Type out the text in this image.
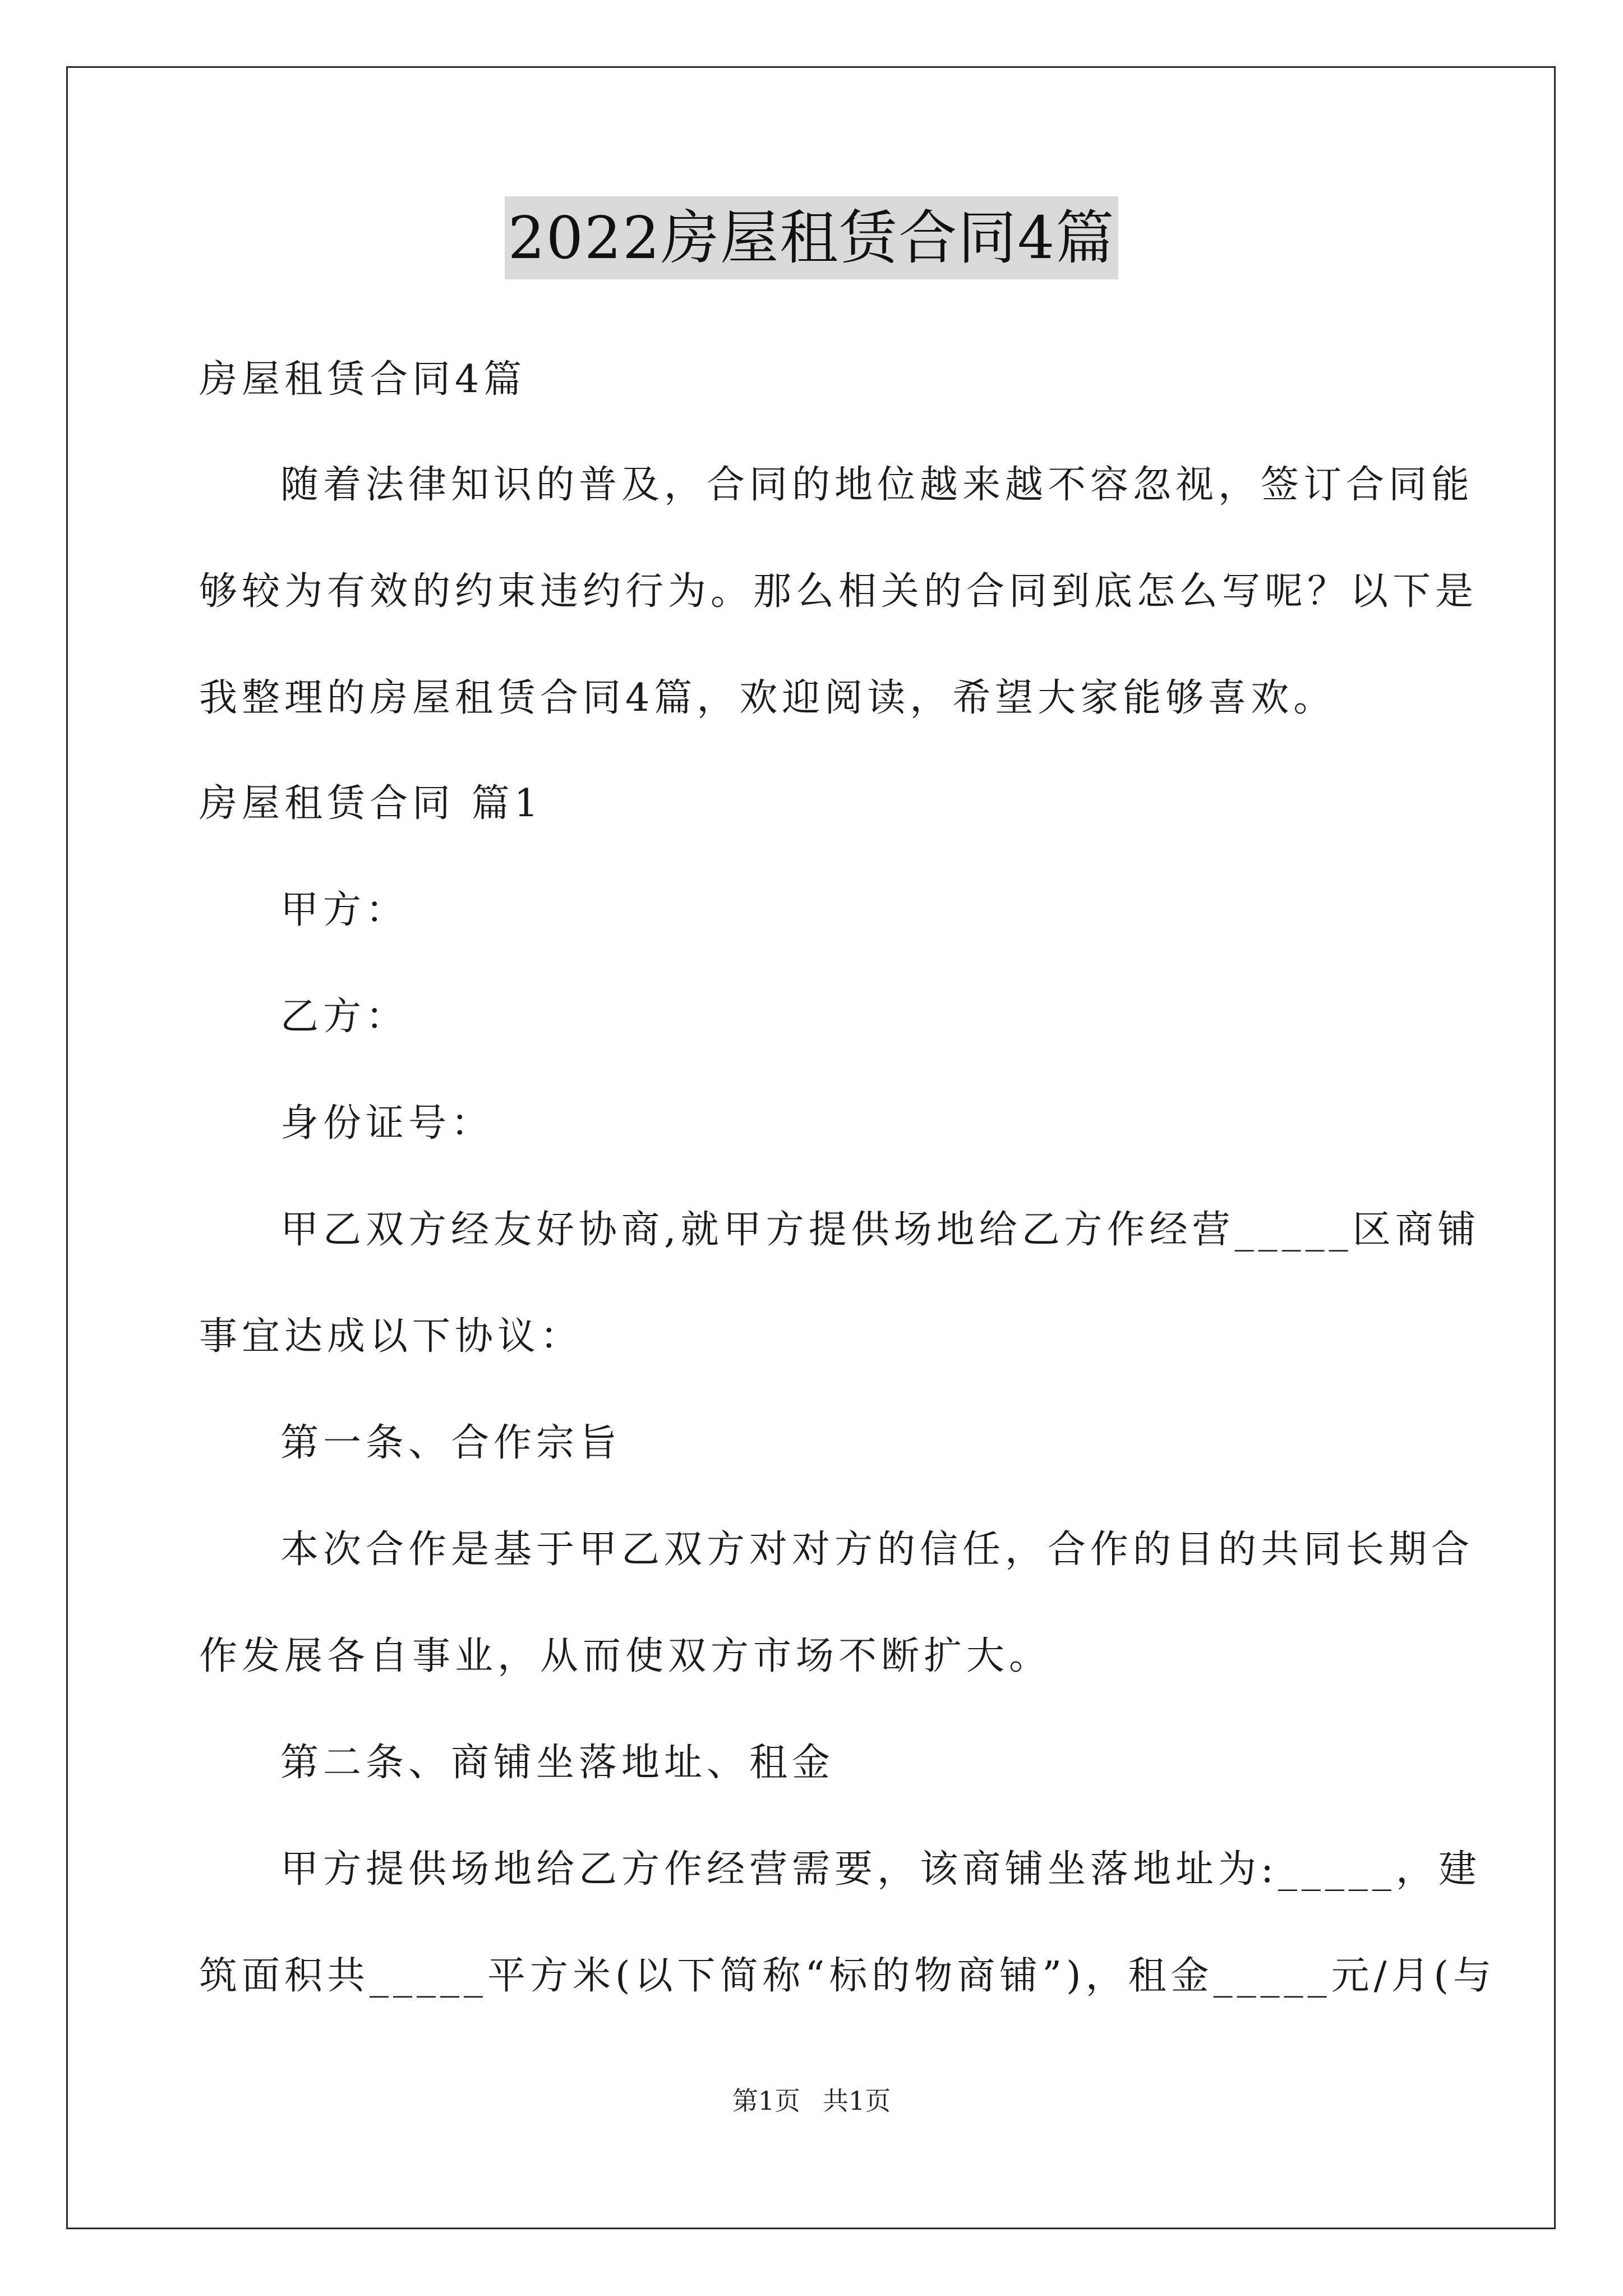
2022房屋租赁合同4篇
房屋租赁合同4篇
随着法律知识的普及，合同的地位越来越不容忽视，签订合同能
够较为有效的约束违约行为。那么相关的合同到底怎么写呢？以下是
我整理的房屋租赁合同4篇，欢迎阅读，希望大家能够喜欢。
房屋租赁合同 篇1
甲方：
乙方：
身份证号：
甲乙双方经友好协商,就甲方提供场地给乙方作经营_____区商铺
事宜达成以下协议：
第一条、合作宗旨
本次合作是基于甲乙双方对对方的信任，合作的目的共同长期合
作发展各自事业，从而使双方市场不断扩大。
第二条、商铺坐落地址、租金
甲方提供场地给乙方作经营需要，该商铺坐落地址为:_____，建
筑面积共_____平方米(以下简称“标的物商铺”)，租金_____元/月(与
第1页 共1页
